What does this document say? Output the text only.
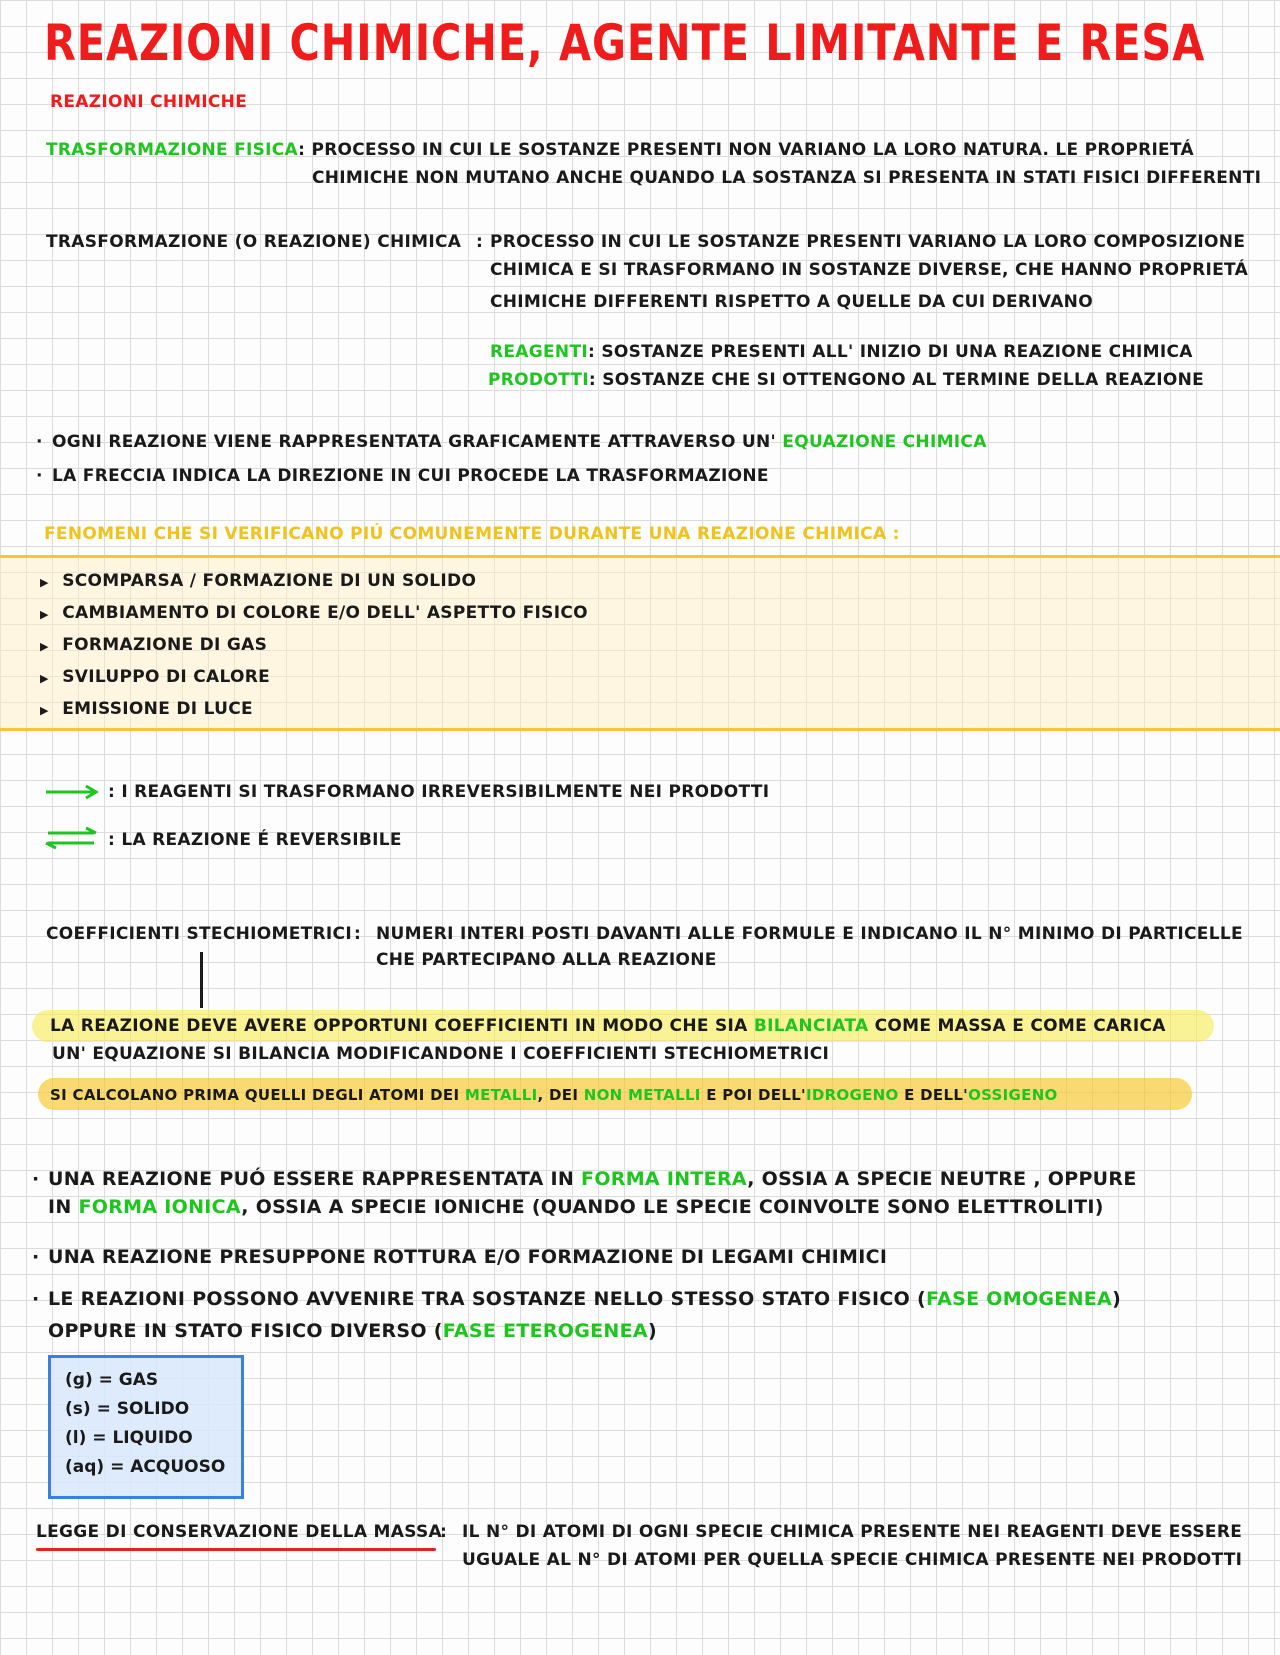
REAZIONI CHIMICHE, AGENTE LIMITANTE E RESA
REAZIONI CHIMICHE
TRASFORMAZIONE FISICA: PROCESSO IN CUI LE SOSTANZE PRESENTI NON VARIANO LA LORO NATURA. LE PROPRIETÁ
CHIMICHE NON MUTANO ANCHE QUANDO LA SOSTANZA SI PRESENTA IN STATI FISICI DIFFERENTI
TRASFORMAZIONE (O REAZIONE) CHIMICA : PROCESSO IN CUI LE SOSTANZE PRESENTI VARIANO LA LORO COMPOSIZIONE
CHIMICA E SI TRASFORMANO IN SOSTANZE DIVERSE, CHE HANNO PROPRIETÁ
CHIMICHE DIFFERENTI RISPETTO A QUELLE DA CUI DERIVANO
REAGENTI: SOSTANZE PRESENTI ALL' INIZIO DI UNA REAZIONE CHIMICA
PRODOTTI: SOSTANZE CHE SI OTTENGONO AL TERMINE DELLA REAZIONE
· OGNI REAZIONE VIENE RAPPRESENTATA GRAFICAMENTE ATTRAVERSO UN' EQUAZIONE CHIMICA
· LA FRECCIA INDICA LA DIREZIONE IN CUI PROCEDE LA TRASFORMAZIONE
FENOMENI CHE SI VERIFICANO PIÚ COMUNEMENTE DURANTE UNA REAZIONE CHIMICA :
▶ SCOMPARSA / FORMAZIONE DI UN SOLIDO
▶ CAMBIAMENTO DI COLORE E/O DELL' ASPETTO FISICO
▶ FORMAZIONE DI GAS
▶ SVILUPPO DI CALORE
▶ EMISSIONE DI LUCE
: I REAGENTI SI TRASFORMANO IRREVERSIBILMENTE NEI PRODOTTI
⇌ : LA REAZIONE É REVERSIBILE
COEFFICIENTI STECHIOMETRICI : NUMERI INTERI POSTI DAVANTI ALLE FORMULE E INDICANO IL N° MINIMO DI PARTICELLE
CHE PARTECIPANO ALLA REAZIONE
LA REAZIONE DEVE AVERE OPPORTUNI COEFFICIENTI IN MODO CHE SIA BILANCIATA COME MASSA E COME CARICA
UN' EQUAZIONE SI BILANCIA MODIFICANDONE I COEFFICIENTI STECHIOMETRICI
SI CALCOLANO PRIMA QUELLI DEGLI ATOMI DEI METALLI, DEI NON METALLI E POI DELL'IDROGENO E DELL'OSSIGENO
· UNA REAZIONE PUÓ ESSERE RAPPRESENTATA IN FORMA INTERA, OSSIA A SPECIE NEUTRE , OPPURE
IN FORMA IONICA, OSSIA A SPECIE IONICHE (QUANDO LE SPECIE COINVOLTE SONO ELETTROLITI)
· UNA REAZIONE PRESUPPONE ROTTURA E/O FORMAZIONE DI LEGAMI CHIMICI
· LE REAZIONI POSSONO AVVENIRE TRA SOSTANZE NELLO STESSO STATO FISICO (FASE OMOGENEA)
OPPURE IN STATO FISICO DIVERSO (FASE ETEROGENEA)
(g) = GAS
(s) = SOLIDO
(l) = LIQUIDO
(aq) = ACQUOSO
LEGGE DI CONSERVAZIONE DELLA MASSA
: IL N° DI ATOMI DI OGNI SPECIE CHIMICA PRESENTE NEI REAGENTI DEVE ESSERE
UGUALE AL N° DI ATOMI PER QUELLA SPECIE CHIMICA PRESENTE NEI PRODOTTI
